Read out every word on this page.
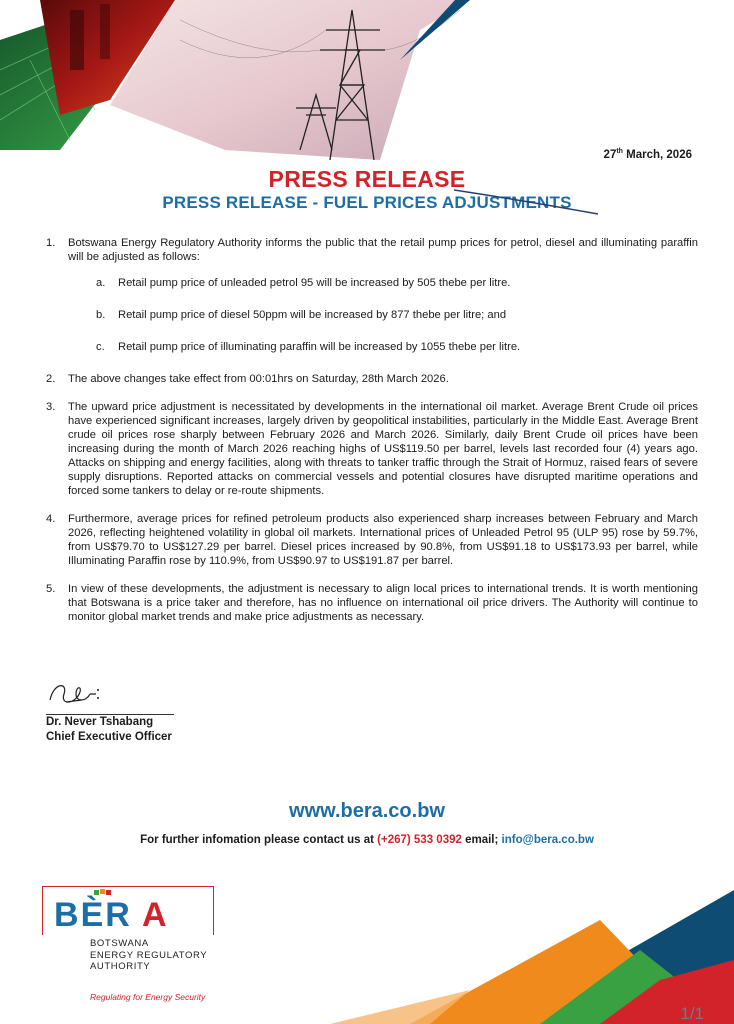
27th March, 2026
PRESS RELEASE
PRESS RELEASE - FUEL PRICES ADJUSTMENTS
1.	Botswana Energy Regulatory Authority informs the public that the retail pump prices for petrol, diesel and illuminating paraffin will be adjusted as follows:
a.	Retail pump price of unleaded petrol 95 will be increased by 505 thebe per litre.
b.	Retail pump price of diesel 50ppm will be increased by 877 thebe per litre; and
c.	Retail pump price of illuminating paraffin will be increased by 1055 thebe per litre.
2.	The above changes take effect from 00:01hrs on Saturday, 28th March 2026.
3.	The upward price adjustment is necessitated by developments in the international oil market. Average Brent Crude oil prices have experienced significant increases, largely driven by geopolitical instabilities, particularly in the Middle East. Average Brent crude oil prices rose sharply between February 2026 and March 2026. Similarly, daily Brent Crude oil prices have been increasing during the month of March 2026 reaching highs of US$119.50 per barrel, levels last recorded four (4) years ago. Attacks on shipping and energy facilities, along with threats to tanker traffic through the Strait of Hormuz, raised fears of severe supply disruptions. Reported attacks on commercial vessels and potential closures have disrupted maritime operations and forced some tankers to delay or re-route shipments.
4.	Furthermore, average prices for refined petroleum products also experienced sharp increases between February and March 2026, reflecting heightened volatility in global oil markets. International prices of Unleaded Petrol 95 (ULP 95) rose by 59.7%, from US$79.70 to US$127.29 per barrel. Diesel prices increased by 90.8%, from US$91.18 to US$173.93 per barrel, while Illuminating Paraffin rose by 110.9%, from US$90.97 to US$191.87 per barrel.
5.	In view of these developments, the adjustment is necessary to align local prices to international trends. It is worth mentioning that Botswana is a price taker and therefore, has no influence on international oil price drivers. The Authority will continue to monitor global market trends and make price adjustments as necessary.
Dr. Never Tshabang
Chief Executive Officer
www.bera.co.bw
For further infomation please contact us at (+267) 533 0392 email; info@bera.co.bw
BÈR A
BOTSWANA
ENERGY REGULATORY
AUTHORITY
Regulating for Energy Security
1/1
